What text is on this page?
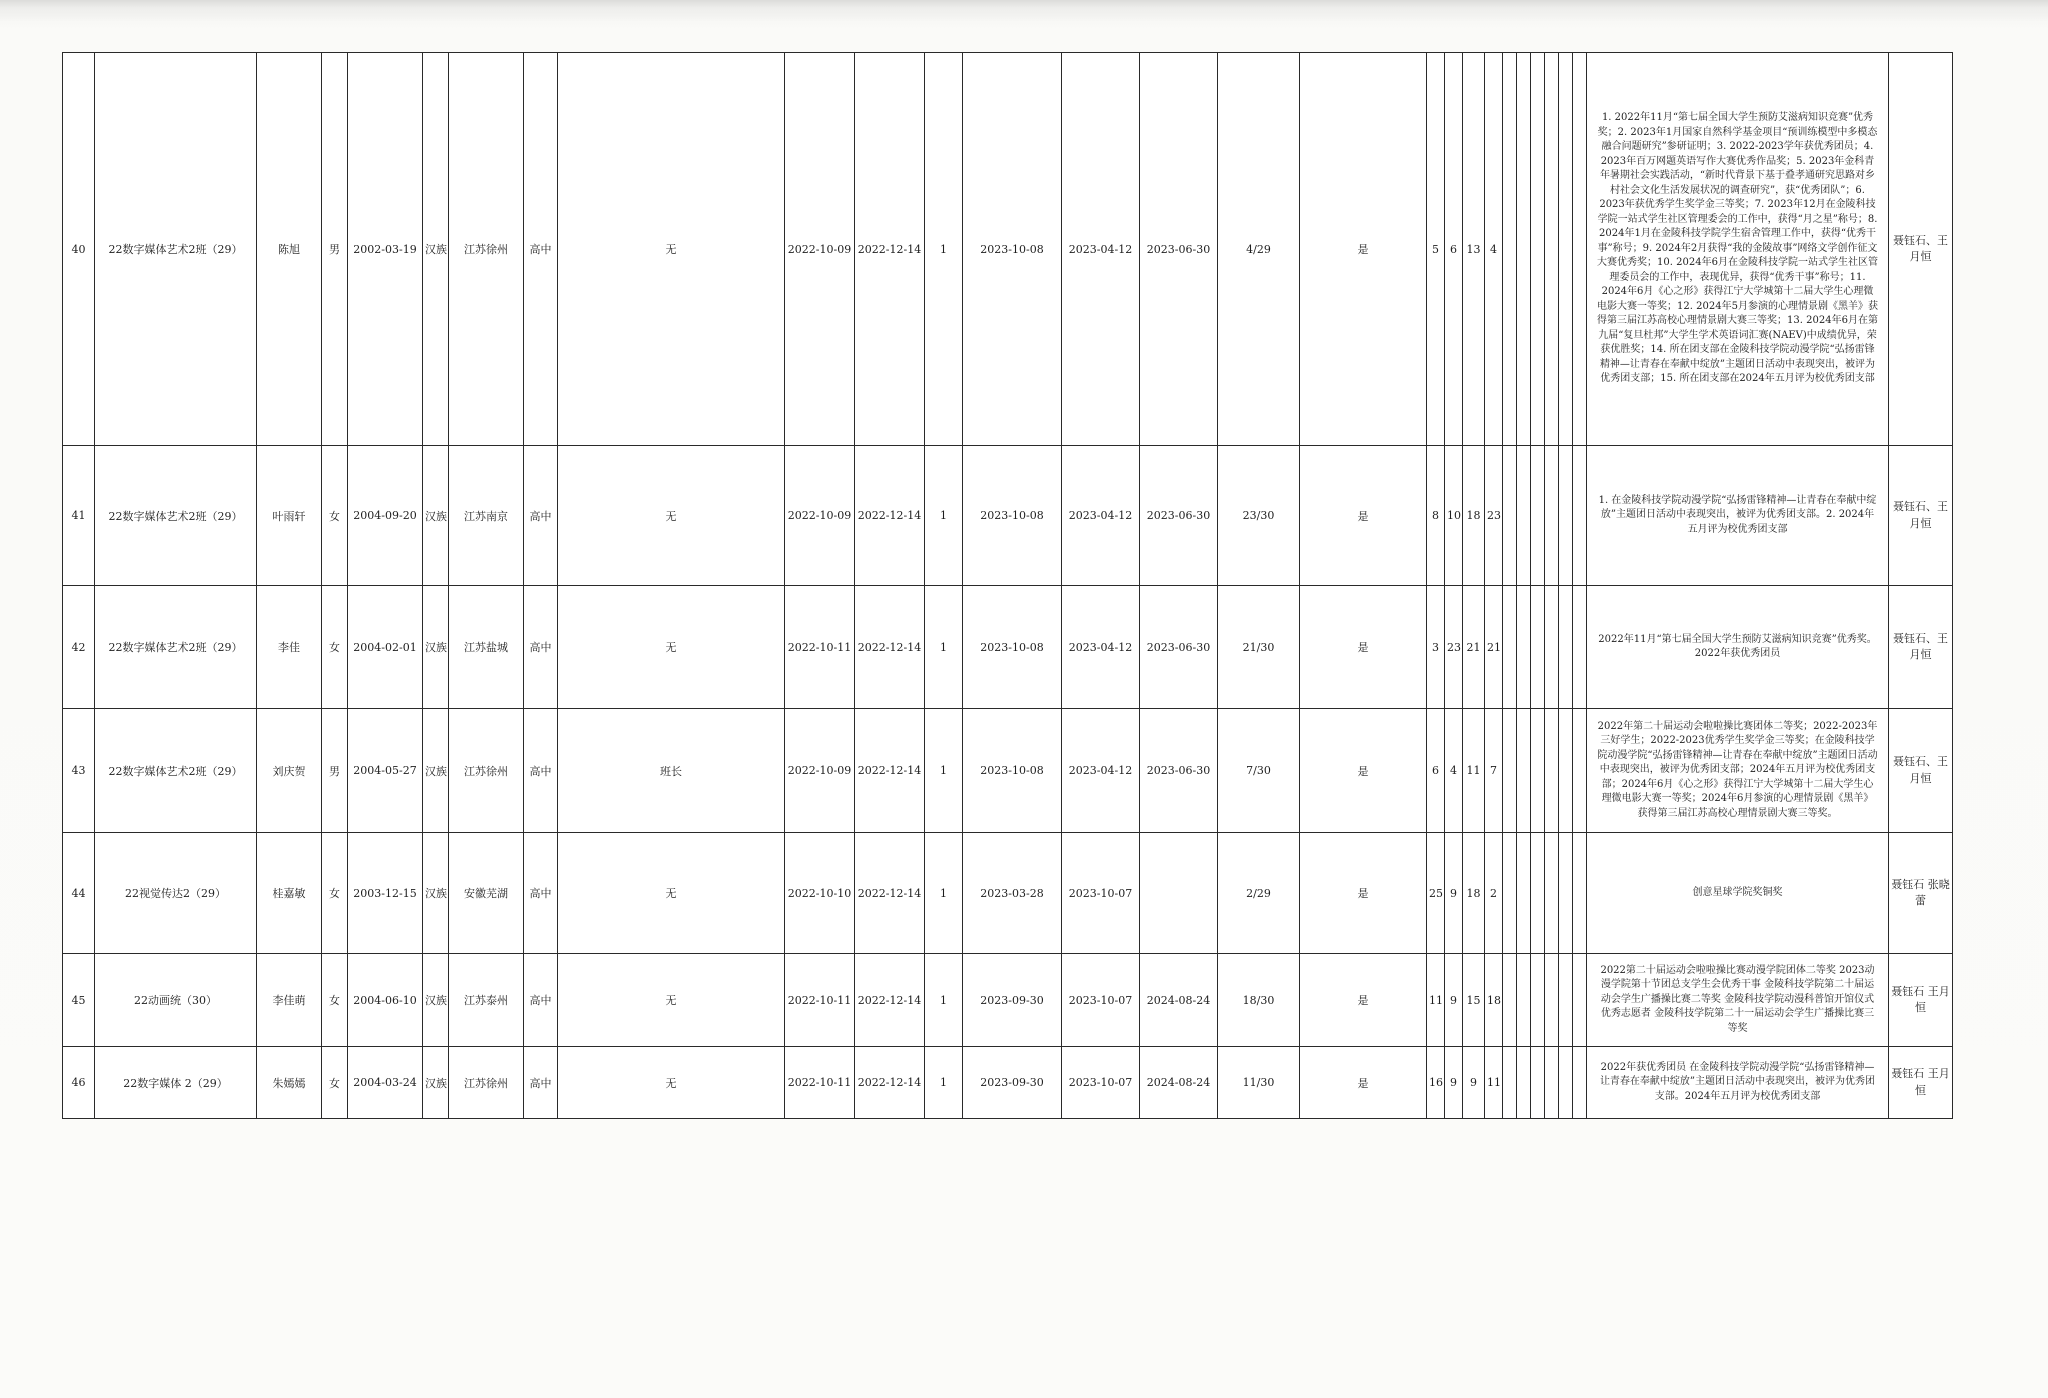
40	22数字媒体艺术2班（29）	陈旭	男	2002-03-19	汉族	江苏徐州	高中	无	2022-10-09	2022-12-14	1	2023-10-08	2023-04-12	2023-06-30	4/29	是	5	6	13	4							1. 2022年11月“第七届全国大学生预防艾滋病知识竞赛”优秀奖；2. 2023年1月国家自然科学基金项目“预训练模型中多模态融合问题研究”参研证明；3. 2022-2023学年获优秀团员；4. 2023年百万网题英语写作大赛优秀作品奖；5. 2023年金科青年暑期社会实践活动，“新时代背景下基于叠孝通研究思路对乡村社会文化生活发展状况的调查研究”，获“优秀团队”；6. 2023年获优秀学生奖学金三等奖；7. 2023年12月在金陵科技学院一站式学生社区管理委会的工作中，获得“月之星”称号；8. 2024年1月在金陵科技学院学生宿舍管理工作中，获得“优秀干事”称号；9. 2024年2月获得“我的金陵故事”网络文学创作征文大赛优秀奖；10. 2024年6月在金陵科技学院一站式学生社区管理委员会的工作中，表现优异，获得“优秀干事”称号；11. 2024年6月《心之形》获得江宁大学城第十二届大学生心理微电影大赛一等奖；12. 2024年5月参演的心理情景剧《黑羊》获得第三届江苏高校心理情景剧大赛三等奖；13. 2024年6月在第九届“复旦杜邦”大学生学术英语词汇赛(NAEV)中成绩优异，荣获优胜奖；14. 所在团支部在金陵科技学院动漫学院“弘扬雷锋精神—让青春在奉献中绽放”主题团日活动中表现突出，被评为优秀团支部；15. 所在团支部在2024年五月评为校优秀团支部	聂钰石、王月恒
41	22数字媒体艺术2班（29）	叶雨轩	女	2004-09-20	汉族	江苏南京	高中	无	2022-10-09	2022-12-14	1	2023-10-08	2023-04-12	2023-06-30	23/30	是	8	10	18	23							1. 在金陵科技学院动漫学院“弘扬雷锋精神—让青春在奉献中绽放”主题团日活动中表现突出，被评为优秀团支部。2. 2024年五月评为校优秀团支部	聂钰石、王月恒
42	22数字媒体艺术2班（29）	李佳	女	2004-02-01	汉族	江苏盐城	高中	无	2022-10-11	2022-12-14	1	2023-10-08	2023-04-12	2023-06-30	21/30	是	3	23	21	21							2022年11月“第七届全国大学生预防艾滋病知识竞赛”优秀奖。2022年获优秀团员	聂钰石、王月恒
43	22数字媒体艺术2班（29）	刘庆贺	男	2004-05-27	汉族	江苏徐州	高中	班长	2022-10-09	2022-12-14	1	2023-10-08	2023-04-12	2023-06-30	7/30	是	6	4	11	7							2022年第二十届运动会啦啦操比赛团体二等奖；2022-2023年三好学生；2022-2023优秀学生奖学金三等奖；在金陵科技学院动漫学院“弘扬雷锋精神—让青春在奉献中绽放”主题团日活动中表现突出，被评为优秀团支部；2024年五月评为校优秀团支部；2024年6月《心之形》获得江宁大学城第十二届大学生心理微电影大赛一等奖；2024年6月参演的心理情景剧《黑羊》获得第三届江苏高校心理情景剧大赛三等奖。	聂钰石、王月恒
44	22视觉传达2（29）	桂嘉敏	女	2003-12-15	汉族	安徽芜湖	高中	无	2022-10-10	2022-12-14	1	2023-03-28	2023-10-07		2/29	是	25	9	18	2							创意星球学院奖铜奖	聂钰石 张晓蕾
45	22动画统（30）	李佳萌	女	2004-06-10	汉族	江苏泰州	高中	无	2022-10-11	2022-12-14	1	2023-09-30	2023-10-07	2024-08-24	18/30	是	11	9	15	18							2022第二十届运动会啦啦操比赛动漫学院团体二等奖 2023动漫学院第十节团总支学生会优秀干事 金陵科技学院第二十届运动会学生广播操比赛二等奖 金陵科技学院动漫科普馆开馆仪式优秀志愿者 金陵科技学院第二十一届运动会学生广播操比赛三等奖	聂钰石 王月恒
46	22数字媒体 2（29）	朱嫣嫣	女	2004-03-24	汉族	江苏徐州	高中	无	2022-10-11	2022-12-14	1	2023-09-30	2023-10-07	2024-08-24	11/30	是	16	9	9	11							2022年获优秀团员 在金陵科技学院动漫学院“弘扬雷锋精神—让青春在奉献中绽放”主题团日活动中表现突出，被评为优秀团支部。2024年五月评为校优秀团支部	聂钰石 王月恒
